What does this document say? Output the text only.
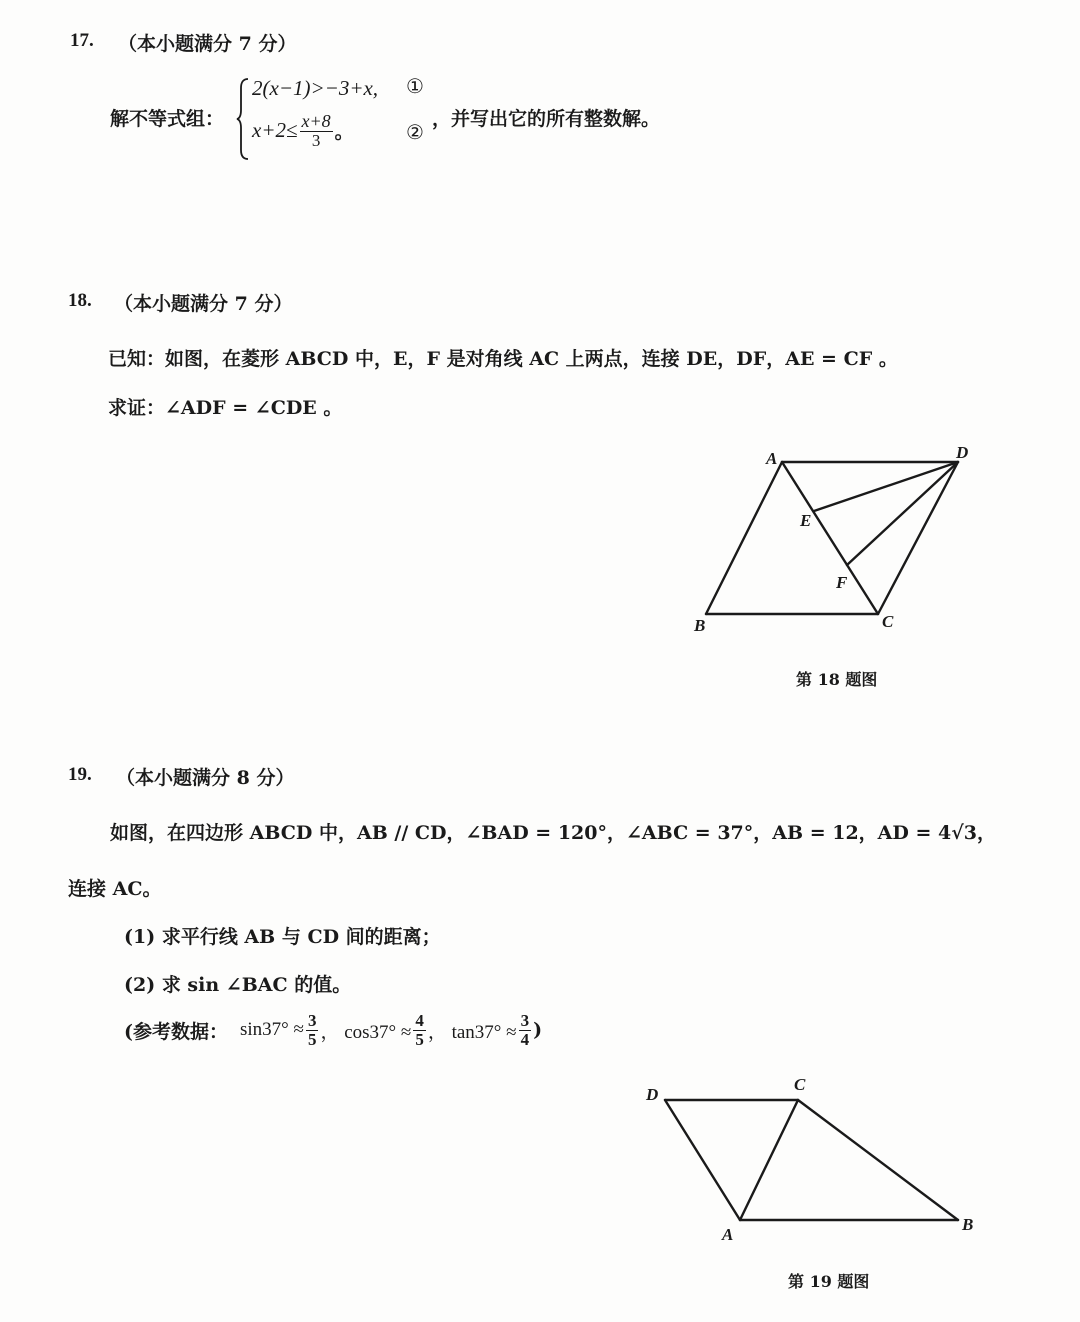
17. （本小题满分 7 分）
解不等式组：
2(x−1)>−3+x, ①
$x+2\le \frac{x+8}{3}$ 。	②
，并写出它的所有整数解。
18. （本小题满分 7 分）
已知：如图，在菱形 ABCD 中，E，F 是对角线 AC 上两点，连接 DE，DF，AE = CF 。
求证：∠ADF = ∠CDE 。
A	D
E
F
B	C
第 18 题图
19. （本小题满分 8 分）
如图，在四边形 ABCD 中，AB // CD，∠BAD = 120°，∠ABC = 37°，AB = 12，AD = 4√3，
连接 AC。
(1) 求平行线 AB 与 CD 间的距离；
(2) 求 sin ∠BAC 的值。
(参考数据： $\sin 37^\circ \approx \frac{3}{5}$ ， $\cos 37^\circ \approx \frac{4}{5}$ ， $\tan 37^\circ \approx \frac{3}{4}$ )
D
C
B
A
第 19 题图
